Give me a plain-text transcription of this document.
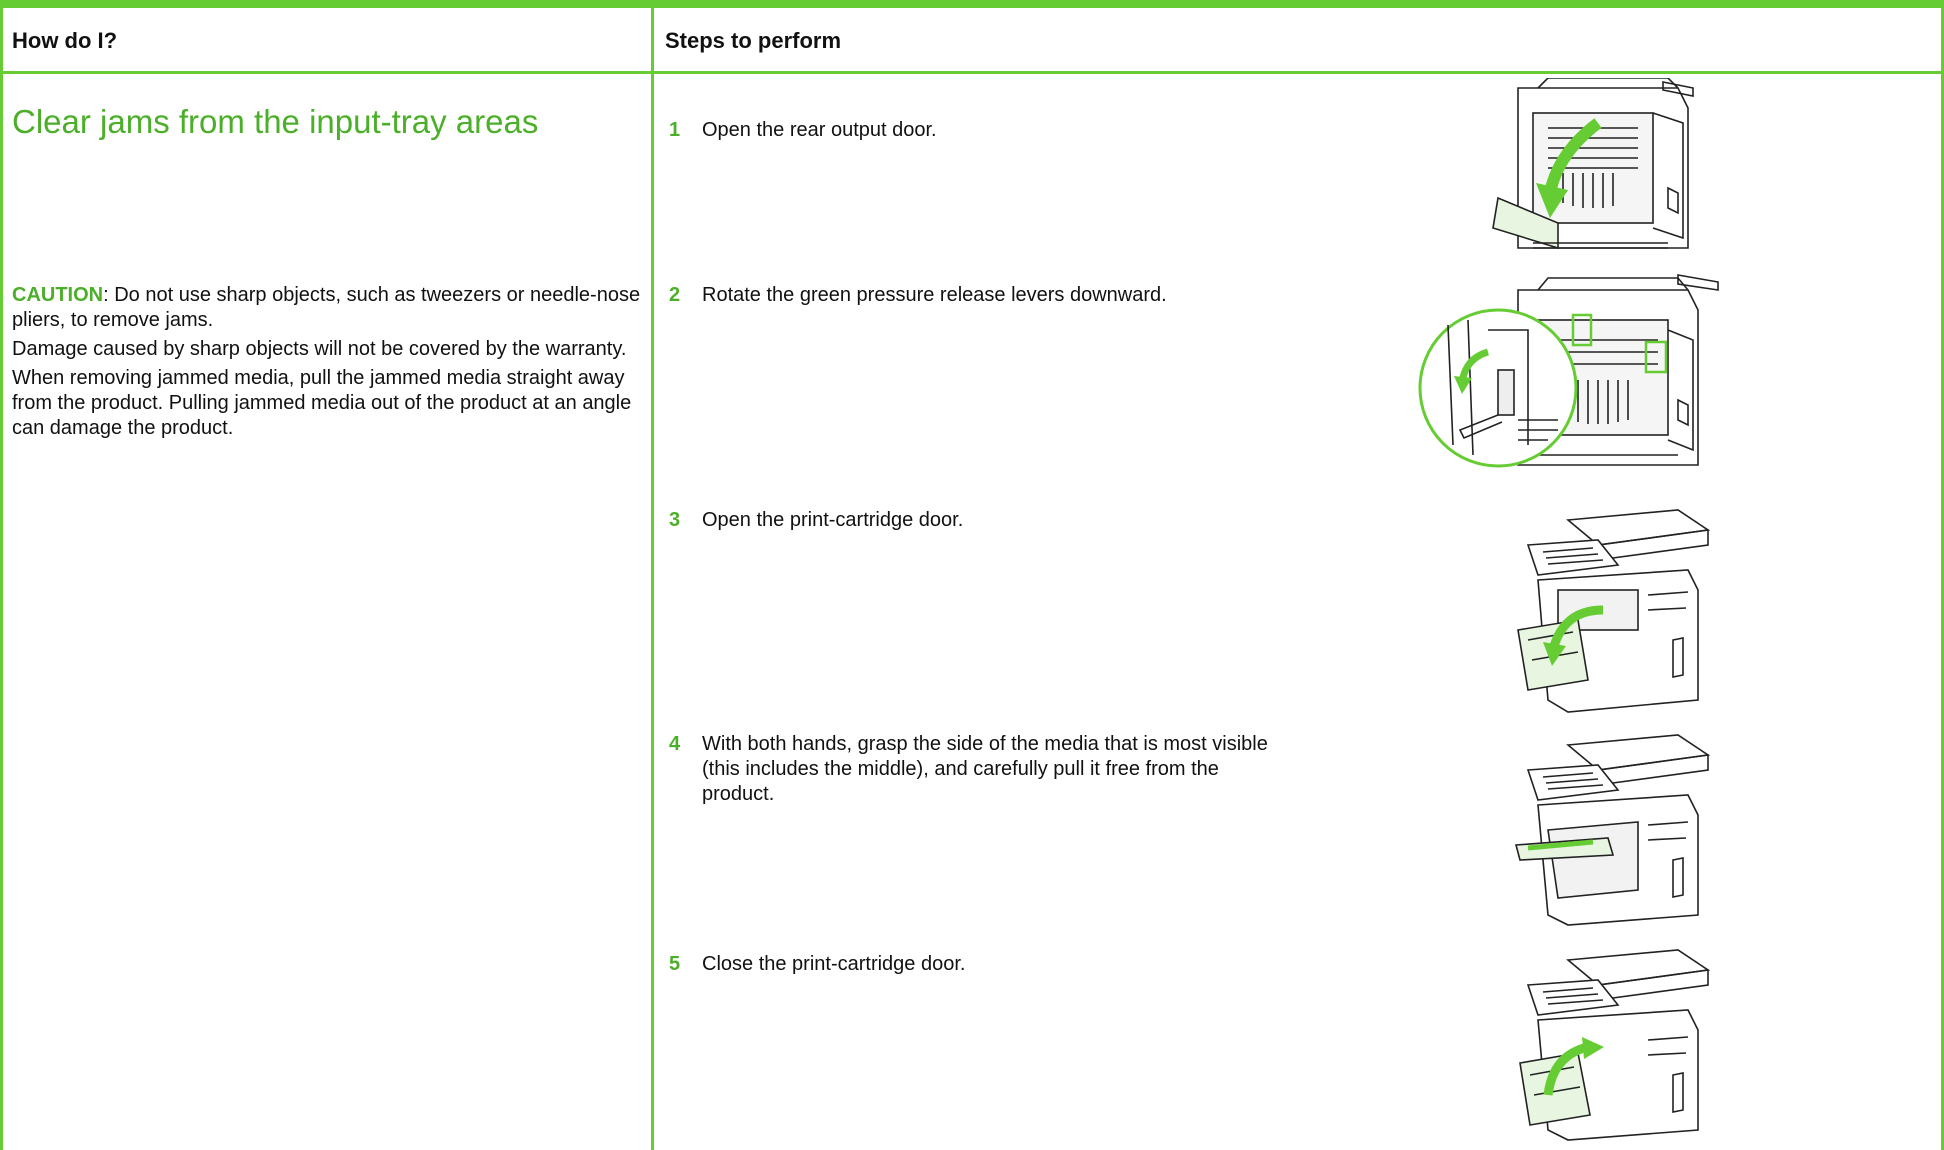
How do I?	Steps to perform
Clear jams from the input-tray areas

CAUTION: Do not use sharp objects, such as tweezers or needle-nose pliers, to remove jams.

Damage caused by sharp objects will not be covered by the warranty.

When removing jammed media, pull the jammed media straight away from the product. Pulling jammed media out of the product at an angle can damage the product.

1 Open the rear output door.
2 Rotate the green pressure release levers downward.
3 Open the print-cartridge door.
4 With both hands, grasp the side of the media that is most visible (this includes the middle), and carefully pull it free from the product.
5 Close the print-cartridge door.
